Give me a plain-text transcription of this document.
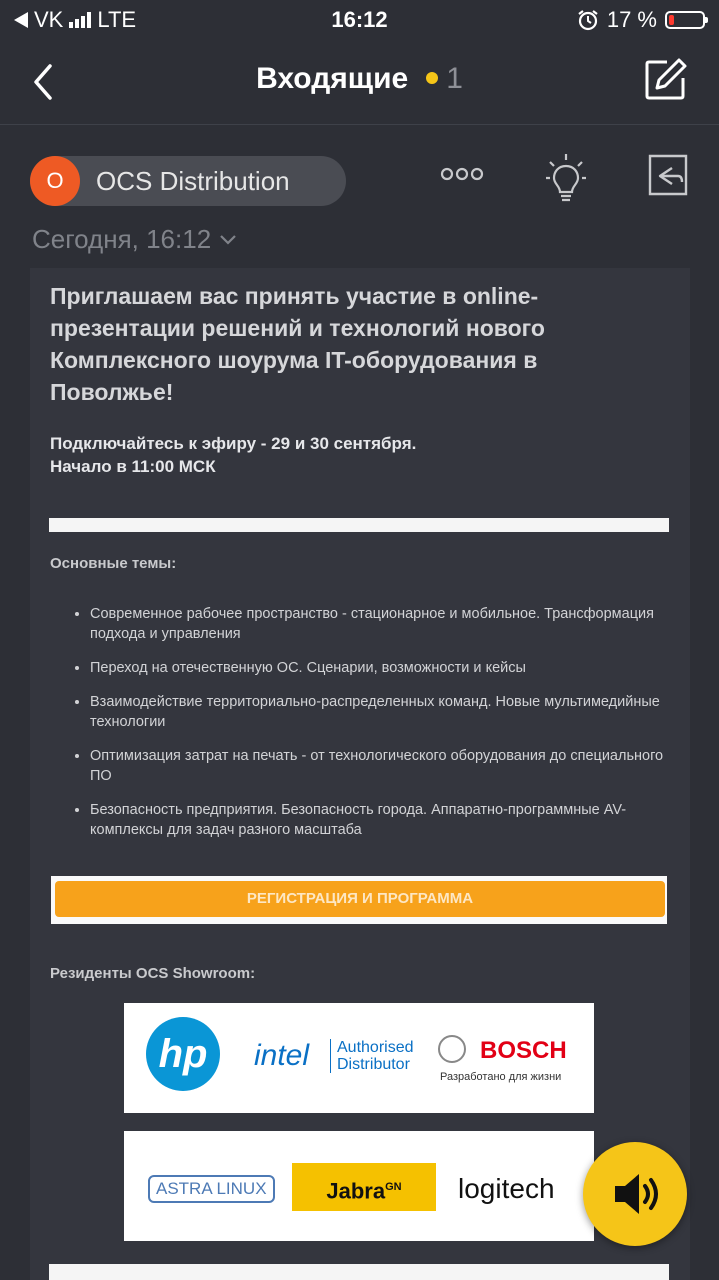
VK LTE	16:12	17 %
Входящие 1
O	OCS Distribution
Сегодня, 16:12
Приглашаем вас принять участие в online-презентации решений и технологий нового Комплексного шоурума IT-оборудования в Поволжье!
Подключайтесь к эфиру - 29 и 30 сентября.
Начало в 11:00 МСК
Основные темы:
• Современное рабочее пространство - стационарное и мобильное. Трансформация подхода и управления
• Переход на отечественную ОС. Сценарии, возможности и кейсы
• Взаимодействие территориально-распределенных команд. Новые мультимедийные технологии
• Оптимизация затрат на печать - от технологического оборудования до специального ПО
• Безопасность предприятия. Безопасность города. Аппаратно-программные AV-комплексы для задач разного масштаба
РЕГИСТРАЦИЯ И ПРОГРАММА
Резиденты OCS Showroom:
hp	intel Authorised
Distributor
BOSCH
Разработано для жизни
ASTRA LINUX	Jabra$^{GN}$	logitech
